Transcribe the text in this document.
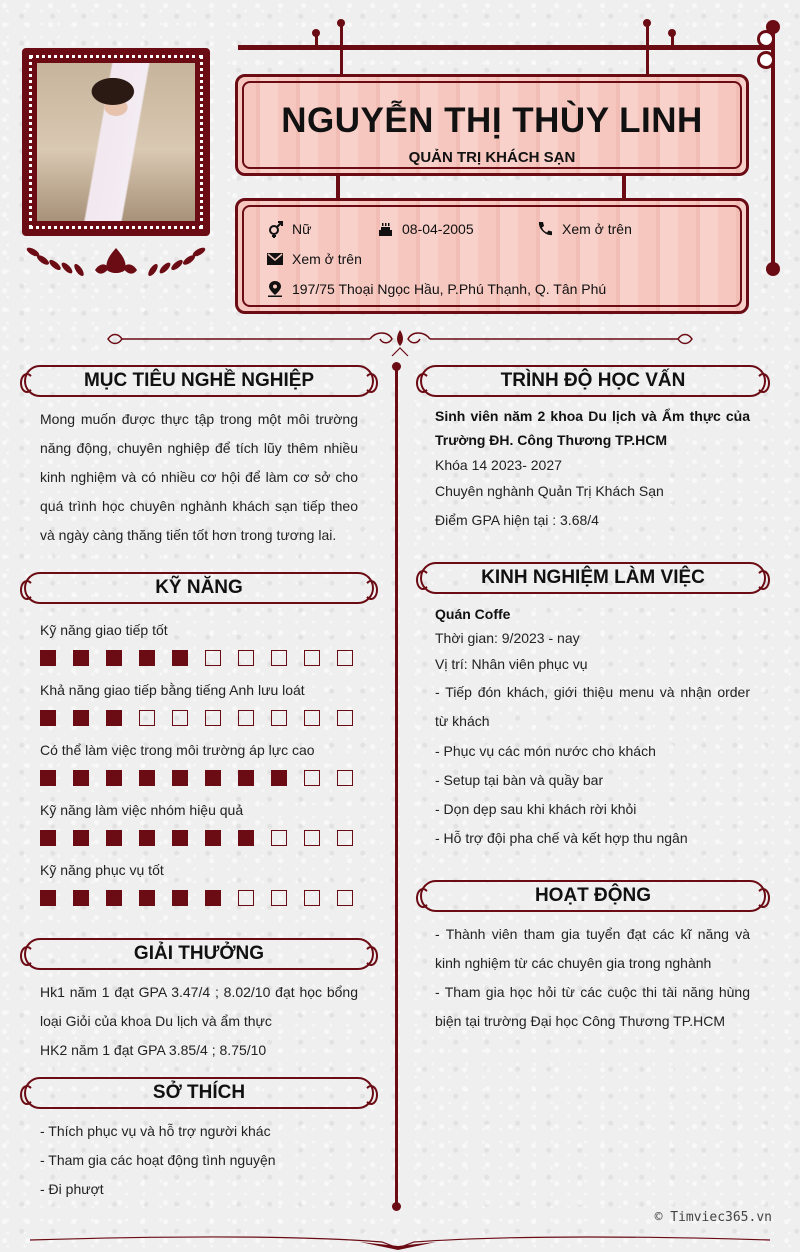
NGUYỄN THỊ THÙY LINH
QUẢN TRỊ KHÁCH SẠN
Nữ	08-04-2005	Xem ở trên
Xem ở trên
197/75 Thoại Ngọc Hầu, P.Phú Thạnh, Q. Tân Phú
MỤC TIÊU NGHỀ NGHIỆP
Mong muốn được thực tập trong một môi trường năng động, chuyên nghiệp để tích lũy thêm nhiều kinh nghiệm và có nhiều cơ hội để làm cơ sở cho quá trình học chuyên nghành khách sạn tiếp theo và ngày càng thăng tiến tốt hơn trong tương lai.
KỸ NĂNG
Kỹ năng giao tiếp tốt
Khả năng giao tiếp bằng tiếng Anh lưu loát
Có thể làm việc trong môi trường áp lực cao
Kỹ năng làm việc nhóm hiệu quả
Kỹ năng phục vụ tốt
GIẢI THƯỞNG
Hk1 năm 1 đạt GPA 3.47/4 ; 8.02/10 đạt học bổng loại Giỏi của khoa Du lịch và ẩm thực
HK2 năm 1 đạt GPA 3.85/4 ; 8.75/10
SỞ THÍCH
- Thích phục vụ và hỗ trợ người khác
- Tham gia các hoạt động tình nguyện
- Đi phượt
TRÌNH ĐỘ HỌC VẤN
Sinh viên năm 2 khoa Du lịch và Ẩm thực của Trường ĐH. Công Thương TP.HCM
Khóa 14 2023- 2027
Chuyên nghành Quản Trị Khách Sạn
Điểm GPA hiện tại : 3.68/4
KINH NGHIỆM LÀM VIỆC
Quán Coffe
Thời gian: 9/2023 - nay
Vị trí: Nhân viên phục vụ
- Tiếp đón khách, giới thiệu menu và nhận order từ khách
- Phục vụ các món nước cho khách
- Setup tại bàn và quầy bar
- Dọn dẹp sau khi khách rời khỏi
- Hỗ trợ đội pha chế và kết hợp thu ngân
HOẠT ĐỘNG
- Thành viên tham gia tuyển đạt các kĩ năng và kinh nghiệm từ các chuyên gia trong nghành
- Tham gia học hỏi từ các cuộc thi tài năng hùng biện tại trường Đại học Công Thương TP.HCM
© Timviec365.vn
